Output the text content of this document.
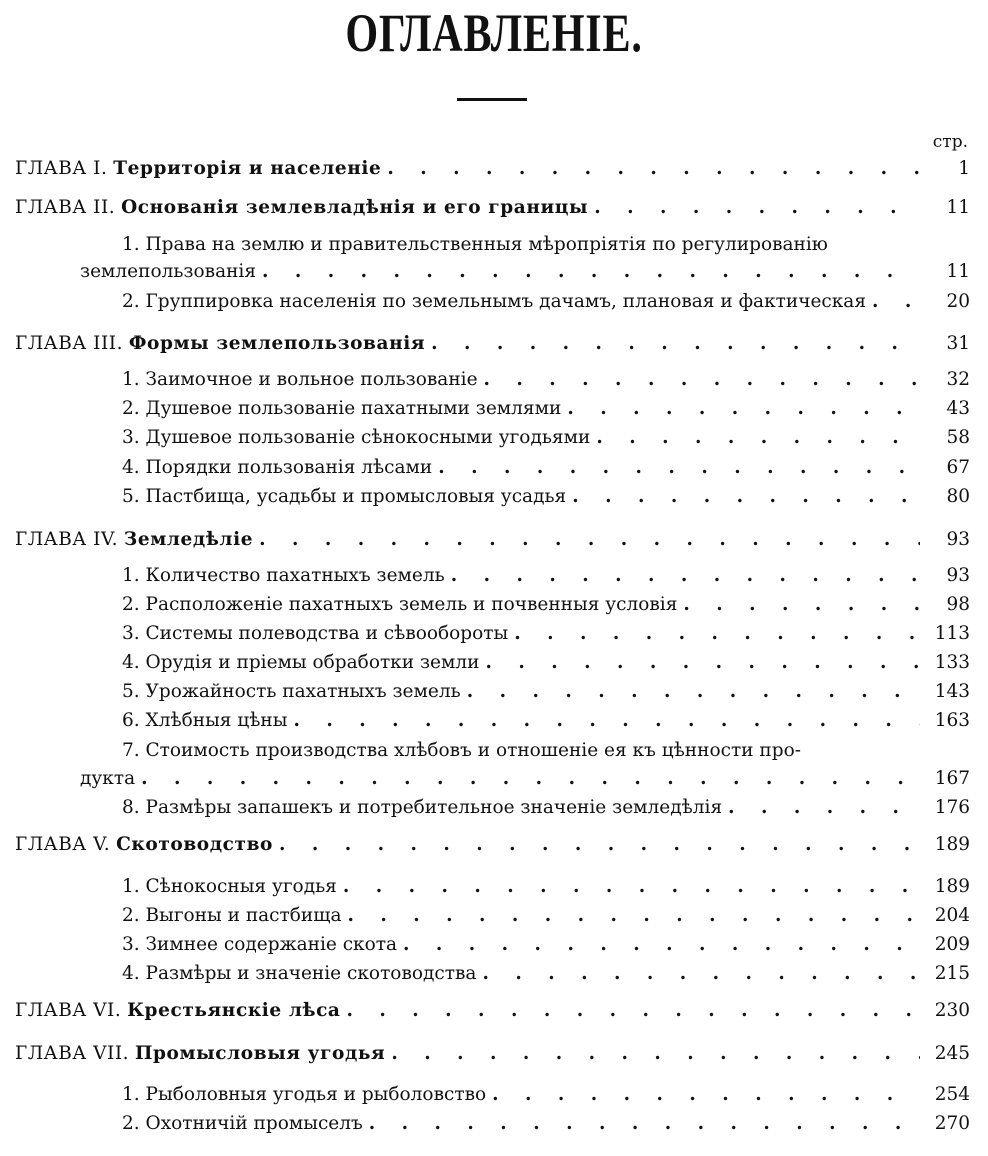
ОГЛАВЛЕНІЕ.
стр.
ГЛАВА I. Территорія и населеніе . . .	1
ГЛАВА II. Основанія землевладѣнія и его границы . . .	11
1. Права на землю и правительственныя мѣропріятія по регулированію
землепользованія . . .	11
2. Группировка населенія по земельнымъ дачамъ, плановая и фактическая . . .	20
ГЛАВА III. Формы землепользованія . . .	31
1. Заимочное и вольное пользованіе . . .	32
2. Душевое пользованіе пахатными землями . . .	43
3. Душевое пользованіе сѣнокосными угодьями . . .	58
4. Порядки пользованія лѣсами . . .	67
5. Пастбища, усадьбы и промысловыя усадья . . .	80
ГЛАВА IV. Земледѣліе . . .	93
1. Количество пахатныхъ земель . . .	93
2. Расположеніе пахатныхъ земель и почвенныя условія . . .	98
3. Системы полеводства и сѣвообороты . . .	113
4. Орудія и пріемы обработки земли . . .	133
5. Урожайность пахатныхъ земель . . .	143
6. Хлѣбныя цѣны . . .	163
7. Стоимость производства хлѣбовъ и отношеніе ея къ цѣнности про-
дукта . . .	167
8. Размѣры запашекъ и потребительное значеніе земледѣлія . . .	176
ГЛАВА V. Скотоводство . . .	189
1. Сѣнокосныя угодья . . .	189
2. Выгоны и пастбища . . .	204
3. Зимнее содержаніе скота . . .	209
4. Размѣры и значеніе скотоводства . . .	215
ГЛАВА VI. Крестьянскіе лѣса . . .	230
ГЛАВА VII. Промысловыя угодья . . .	245
1. Рыболовныя угодья и рыболовство . . .	254
2. Охотничій промыселъ . . .	270
